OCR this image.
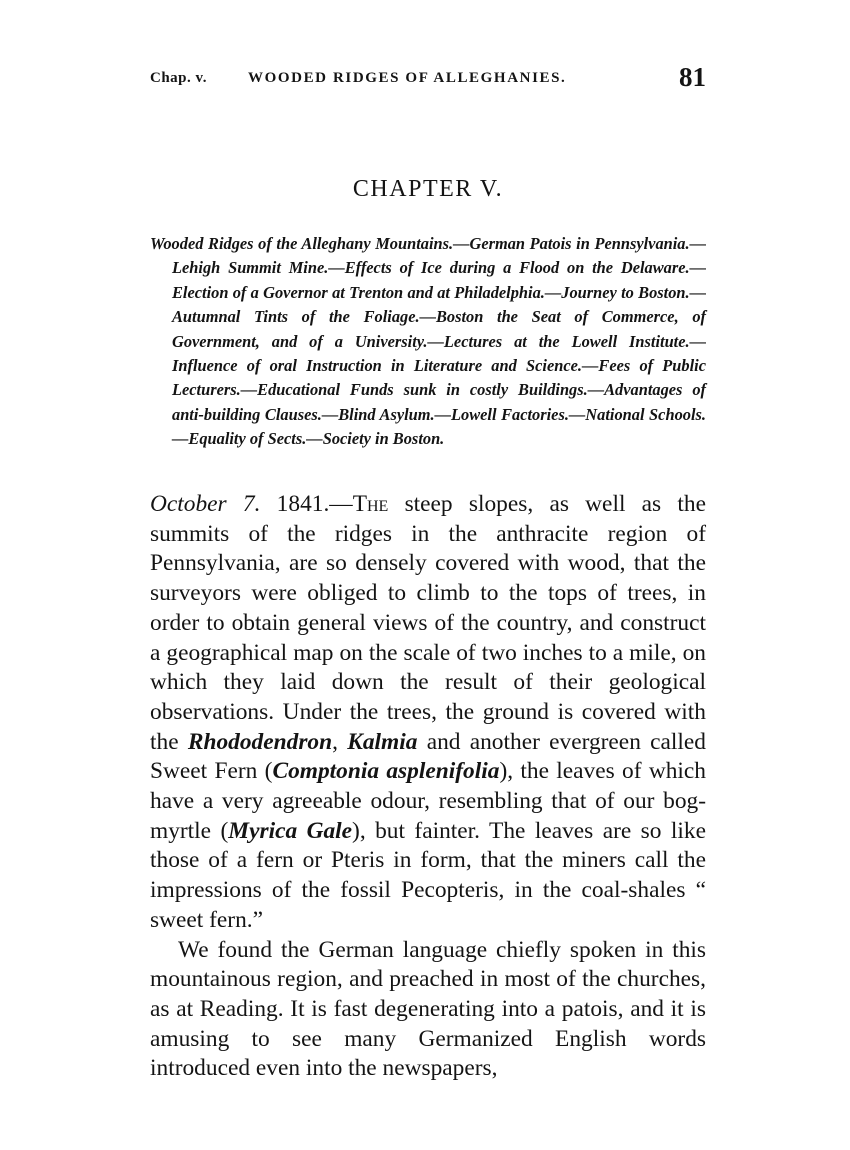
Chap. v.	WOODED RIDGES OF ALLEGHANIES.	81
CHAPTER V.

Wooded Ridges of the Alleghany Mountains.—German Patois in Pennsylvania.—Lehigh Summit Mine.—Effects of Ice during a Flood on the Delaware.—Election of a Governor at Trenton and at Philadelphia.—Journey to Boston.—Autumnal Tints of the Foliage.—Boston the Seat of Commerce, of Government, and of a University.—Lectures at the Lowell Institute.—Influence of oral Instruction in Literature and Science.—Fees of Public Lecturers.—Educational Funds sunk in costly Buildings.—Advantages of anti-building Clauses.—Blind Asylum.—Lowell Factories.—National Schools.—Equality of Sects.—Society in Boston.

October 7. 1841.—The steep slopes, as well as the summits of the ridges in the anthracite region of Pennsylvania, are so densely covered with wood, that the surveyors were obliged to climb to the tops of trees, in order to obtain general views of the country, and construct a geographical map on the scale of two inches to a mile, on which they laid down the result of their geological observations. Under the trees, the ground is covered with the Rhododendron, Kalmia and another evergreen called Sweet Fern (Comptonia asplenifolia), the leaves of which have a very agreeable odour, resembling that of our bog-myrtle (Myrica Gale), but fainter. The leaves are so like those of a fern or Pteris in form, that the miners call the impressions of the fossil Pecopteris, in the coal-shales “ sweet fern.”

We found the German language chiefly spoken in this mountainous region, and preached in most of the churches, as at Reading. It is fast degenerating into a patois, and it is amusing to see many Germanized English words introduced even into the newspapers,
